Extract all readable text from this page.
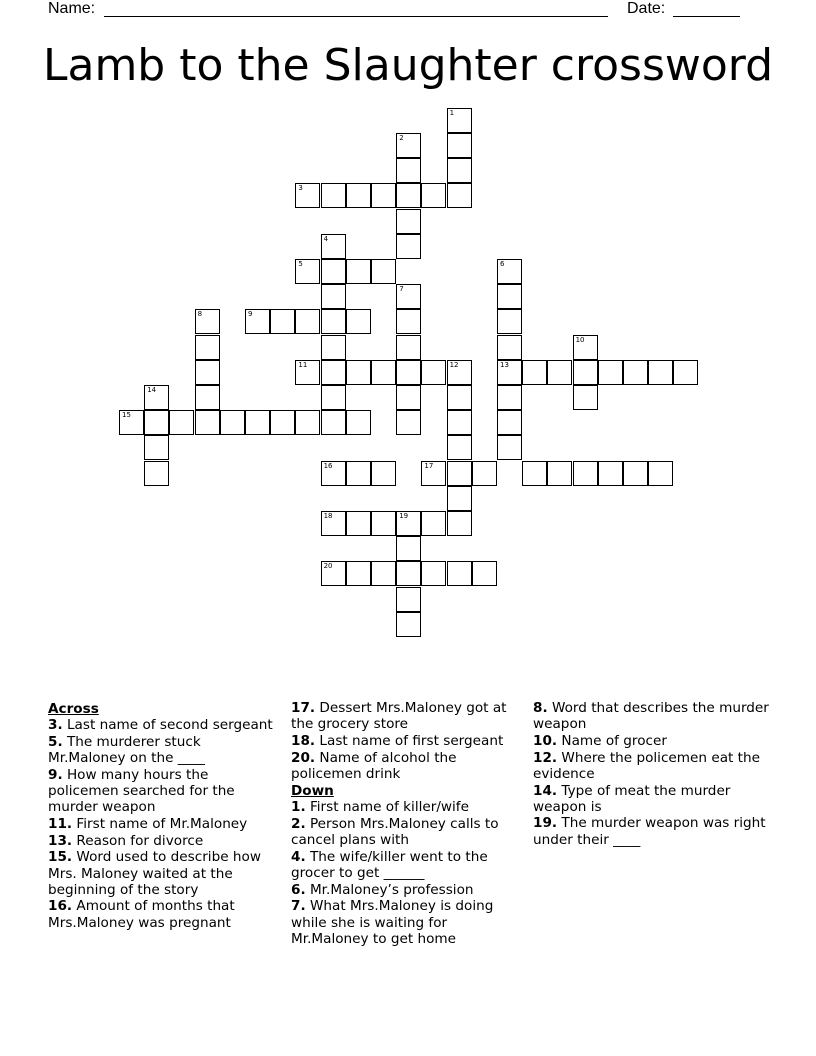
Name:	Date:
Lamb to the Slaughter crossword
1
2
3
4
5	6
7
8	9
10
11	12	13
14
15
16	17
18	19
20
Across
3. Last name of second sergeant
5. The murderer stuck Mr.Maloney on the ____
9. How many hours the policemen searched for the murder weapon
11. First name of Mr.Maloney
13. Reason for divorce
15. Word used to describe how Mrs. Maloney waited at the beginning of the story
16. Amount of months that Mrs.Maloney was pregnant
17. Dessert Mrs.Maloney got at the grocery store
18. Last name of first sergeant
20. Name of alcohol the policemen drink
Down
1. First name of killer/wife
2. Person Mrs.Maloney calls to cancel plans with
4. The wife/killer went to the grocer to get ______
6. Mr.Maloney’s profession
7. What Mrs.Maloney is doing while she is waiting for Mr.Maloney to get home
8. Word that describes the murder weapon
10. Name of grocer
12. Where the policemen eat the evidence
14. Type of meat the murder weapon is
19. The murder weapon was right under their ____
